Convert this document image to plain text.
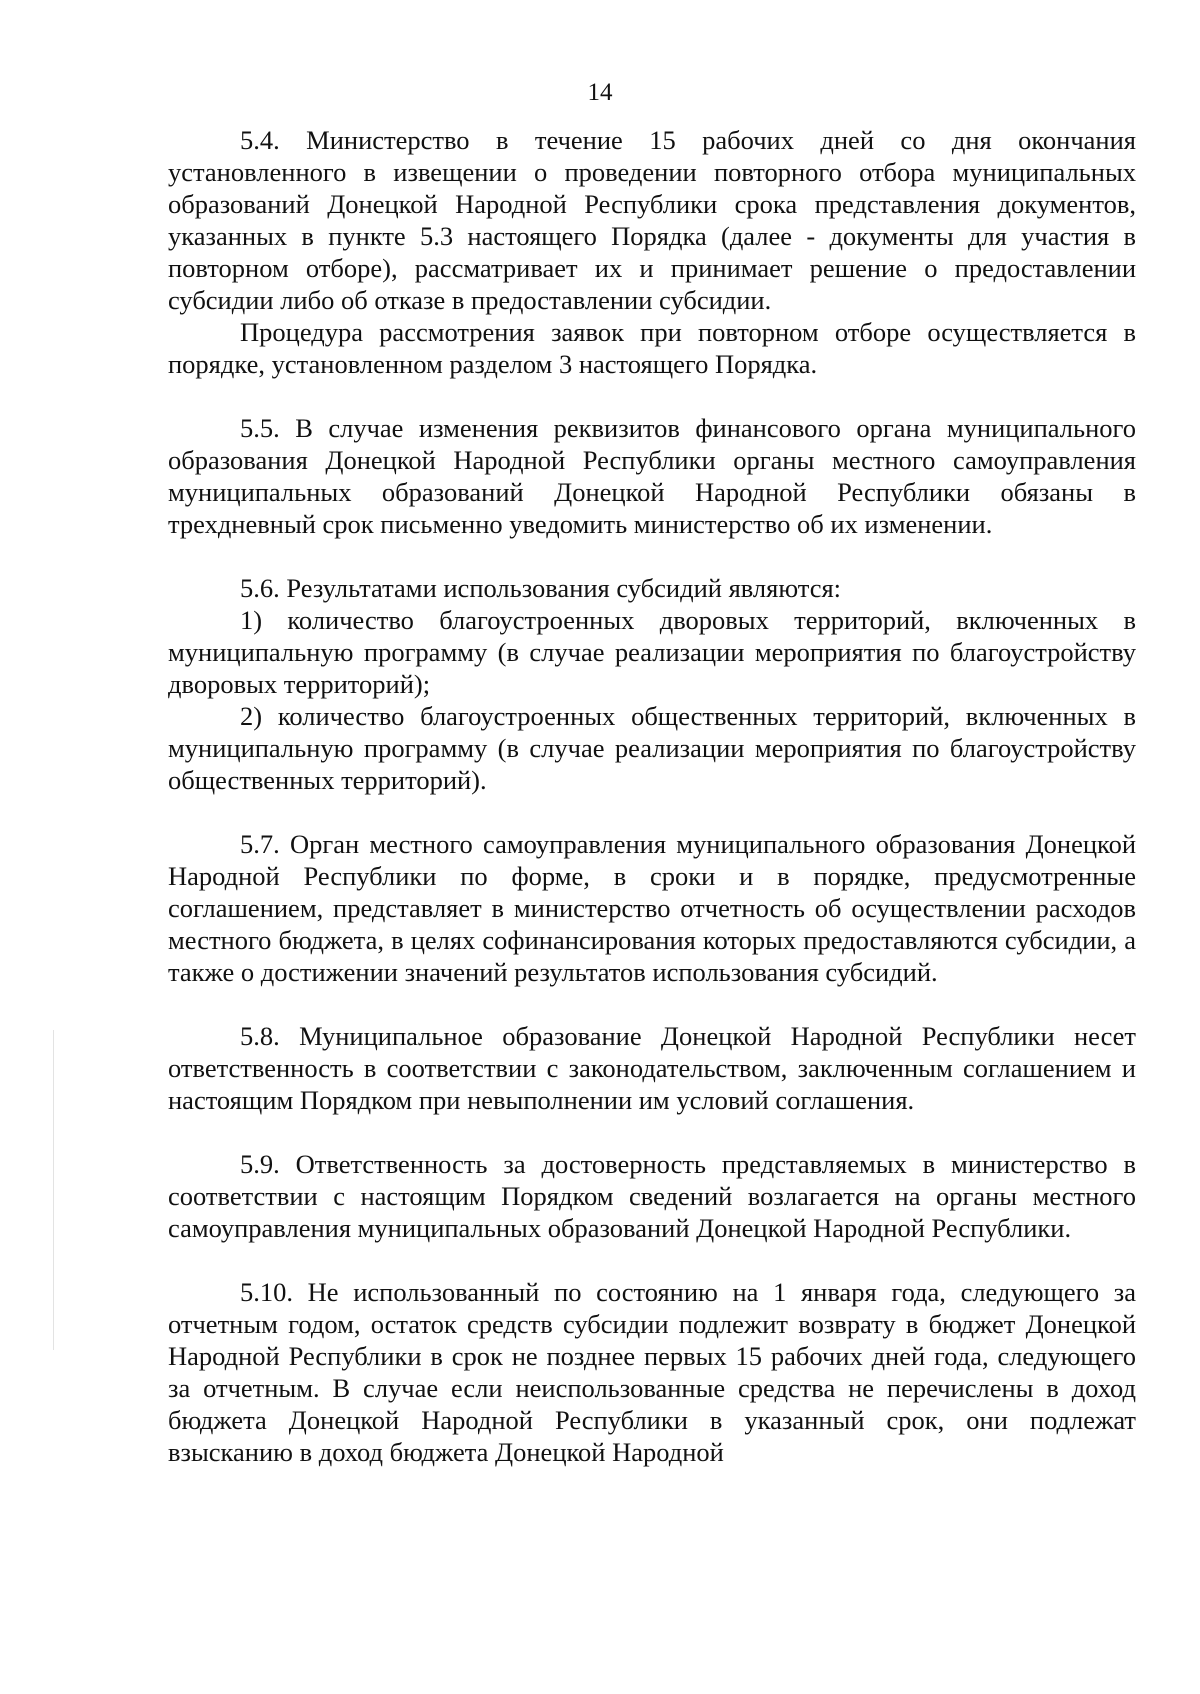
14

5.4. Министерство в течение 15 рабочих дней со дня окончания установленного в извещении о проведении повторного отбора муниципальных образований Донецкой Народной Республики срока представления документов, указанных в пункте 5.3 настоящего Порядка (далее - документы для участия в повторном отборе), рассматривает их и принимает решение о предоставлении субсидии либо об отказе в предоставлении субсидии.

Процедура рассмотрения заявок при повторном отборе осуществляется в порядке, установленном разделом 3 настоящего Порядка.

5.5. В случае изменения реквизитов финансового органа муниципального образования Донецкой Народной Республики органы местного самоуправления муниципальных образований Донецкой Народной Республики обязаны в трехдневный срок письменно уведомить министерство об их изменении.

5.6. Результатами использования субсидий являются:

1) количество благоустроенных дворовых территорий, включенных в муниципальную программу (в случае реализации мероприятия по благоустройству дворовых территорий);

2) количество благоустроенных общественных территорий, включенных в муниципальную программу (в случае реализации мероприятия по благоустройству общественных территорий).

5.7. Орган местного самоуправления муниципального образования Донецкой Народной Республики по форме, в сроки и в порядке, предусмотренные соглашением, представляет в министерство отчетность об осуществлении расходов местного бюджета, в целях софинансирования которых предоставляются субсидии, а также о достижении значений результатов использования субсидий.

5.8. Муниципальное образование Донецкой Народной Республики несет ответственность в соответствии с законодательством, заключенным соглашением и настоящим Порядком при невыполнении им условий соглашения.

5.9. Ответственность за достоверность представляемых в министерство в соответствии с настоящим Порядком сведений возлагается на органы местного самоуправления муниципальных образований Донецкой Народной Республики.

5.10. Не использованный по состоянию на 1 января года, следующего за отчетным годом, остаток средств субсидии подлежит возврату в бюджет Донецкой Народной Республики в срок не позднее первых 15 рабочих дней года, следующего за отчетным. В случае если неиспользованные средства не перечислены в доход бюджета Донецкой Народной Республики в указанный срок, они подлежат взысканию в доход бюджета Донецкой Народной
